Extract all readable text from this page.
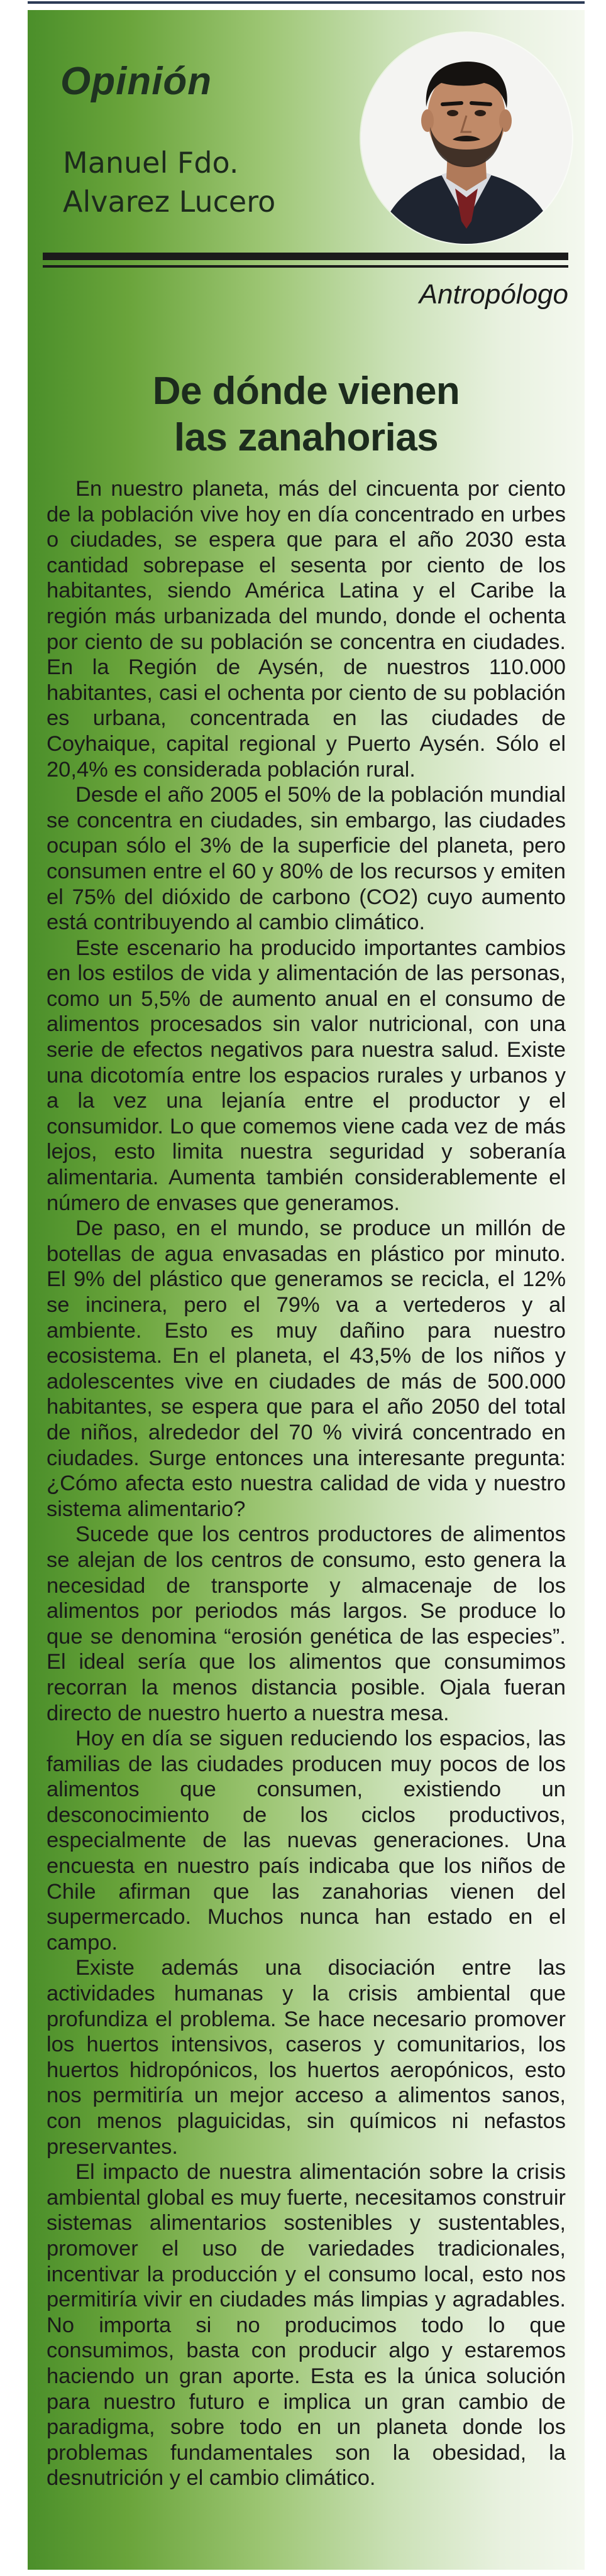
Opinión
Manuel Fdo.
Alvarez Lucero
Antropólogo
De dónde vienen
las zanahorias

En nuestro planeta, más del cincuenta por ciento de la población vive hoy en día concentrado en urbes o ciudades, se espera que para el año 2030 esta cantidad sobrepase el sesenta por ciento de los habitantes, siendo América Latina y el Caribe la región más urbanizada del mundo, donde el ochenta por ciento de su población se concentra en ciudades. En la Región de Aysén, de nuestros 110.000 habitantes, casi el ochenta por ciento de su población es urbana, concentrada en las ciudades de Coyhaique, capital regional y Puerto Aysén. Sólo el 20,4% es considerada población rural.

Desde el año 2005 el 50% de la población mundial se concentra en ciudades, sin embargo, las ciudades ocupan sólo el 3% de la superficie del planeta, pero consumen entre el 60 y 80% de los recursos y emiten el 75% del dióxido de carbono (CO2) cuyo aumento está contribuyendo al cambio climático.

Este escenario ha producido importantes cambios en los estilos de vida y alimentación de las personas, como un 5,5% de aumento anual en el consumo de alimentos procesados sin valor nutricional, con una serie de efectos negativos para nuestra salud. Existe una dicotomía entre los espacios rurales y urbanos y a la vez una lejanía entre el productor y el consumidor. Lo que comemos viene cada vez de más lejos, esto limita nuestra seguridad y soberanía alimentaria. Aumenta también considerablemente el número de envases que generamos.

De paso, en el mundo, se produce un millón de botellas de agua envasadas en plástico por minuto. El 9% del plástico que generamos se recicla, el 12% se incinera, pero el 79% va a vertederos y al ambiente. Esto es muy dañino para nuestro ecosistema. En el planeta, el 43,5% de los niños y adolescentes vive en ciudades de más de 500.000 habitantes, se espera que para el año 2050 del total de niños, alrededor del 70 % vivirá concentrado en ciudades. Surge entonces una interesante pregunta: ¿Cómo afecta esto nuestra calidad de vida y nuestro sistema alimentario?

Sucede que los centros productores de alimentos se alejan de los centros de consumo, esto genera la necesidad de transporte y almacenaje de los alimentos por periodos más largos. Se produce lo que se denomina “erosión genética de las especies”. El ideal sería que los alimentos que consumimos recorran la menos distancia posible. Ojala fueran directo de nuestro huerto a nuestra mesa.

Hoy en día se siguen reduciendo los espacios, las familias de las ciudades producen muy pocos de los alimentos que consumen, existiendo un desconocimiento de los ciclos productivos, especialmente de las nuevas generaciones. Una encuesta en nuestro país indicaba que los niños de Chile afirman que las zanahorias vienen del supermercado. Muchos nunca han estado en el campo.

Existe además una disociación entre las actividades humanas y la crisis ambiental que profundiza el problema. Se hace necesario promover los huertos intensivos, caseros y comunitarios, los huertos hidropónicos, los huertos aeropónicos, esto nos permitiría un mejor acceso a alimentos sanos, con menos plaguicidas, sin químicos ni nefastos preservantes.

El impacto de nuestra alimentación sobre la crisis ambiental global es muy fuerte, necesitamos construir sistemas alimentarios sostenibles y sustentables, promover el uso de variedades tradicionales, incentivar la producción y el consumo local, esto nos permitiría vivir en ciudades más limpias y agradables. No importa si no producimos todo lo que consumimos, basta con producir algo y estaremos haciendo un gran aporte. Esta es la única solución para nuestro futuro e implica un gran cambio de paradigma, sobre todo en un planeta donde los problemas fundamentales son la obesidad, la desnutrición y el cambio climático.
